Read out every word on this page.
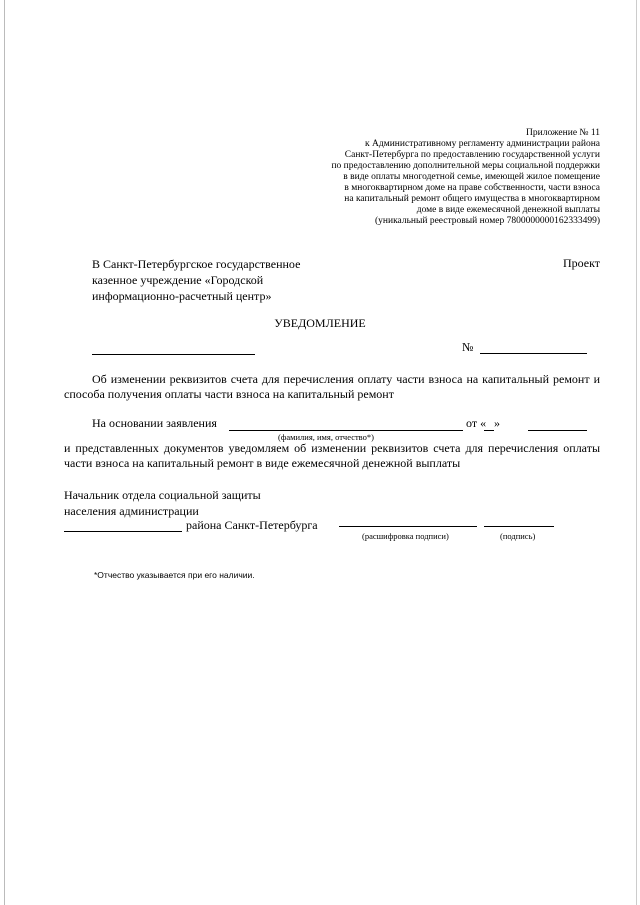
Приложение № 11
к Административному регламенту администрации района
Санкт-Петербурга по предоставлению государственной услуги
по предоставлению дополнительной меры социальной поддержки
в виде оплаты многодетной семье, имеющей жилое помещение
в многоквартирном доме на праве собственности, части взноса
на капитальный ремонт общего имущества в многоквартирном
доме в виде ежемесячной денежной выплаты
(уникальный реестровый номер 7800000000162333499)
Проект
В Санкт-Петербургское государственное
казенное учреждение «Городской
информационно-расчетный центр»
УВЕДОМЛЕНИЕ
№
Об изменении реквизитов счета для перечисления оплату части взноса на капитальный ремонт и способа получения оплаты части взноса на капитальный ремонт
На основании заявления	от « »
(фамилия, имя, отчество*)
и представленных документов уведомляем об изменении реквизитов счета для перечисления оплаты части взноса на капитальный ремонт в виде ежемесячной денежной выплаты
Начальник отдела социальной защиты
населения администрации
района Санкт-Петербурга
(расшифровка подписи)	(подпись)
*Отчество указывается при его наличии.
